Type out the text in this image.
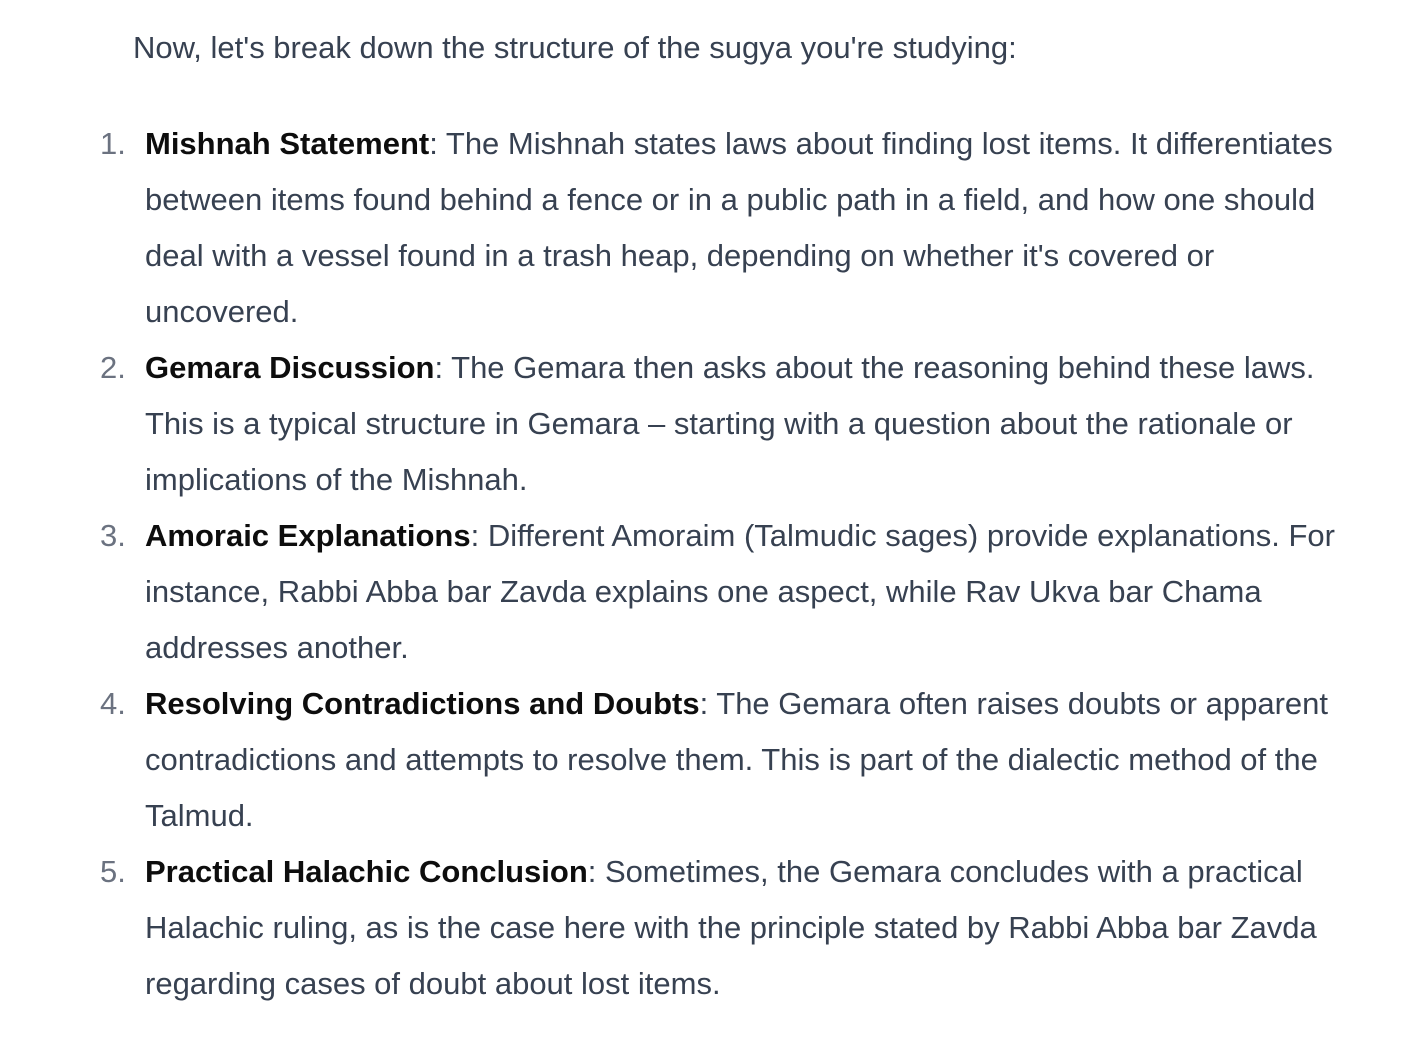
Now, let's break down the structure of the sugya you're studying:

1. Mishnah Statement: The Mishnah states laws about finding lost items. It differentiates between items found behind a fence or in a public path in a field, and how one should deal with a vessel found in a trash heap, depending on whether it's covered or uncovered.
2. Gemara Discussion: The Gemara then asks about the reasoning behind these laws. This is a typical structure in Gemara – starting with a question about the rationale or implications of the Mishnah.
3. Amoraic Explanations: Different Amoraim (Talmudic sages) provide explanations. For instance, Rabbi Abba bar Zavda explains one aspect, while Rav Ukva bar Chama addresses another.
4. Resolving Contradictions and Doubts: The Gemara often raises doubts or apparent contradictions and attempts to resolve them. This is part of the dialectic method of the Talmud.
5. Practical Halachic Conclusion: Sometimes, the Gemara concludes with a practical Halachic ruling, as is the case here with the principle stated by Rabbi Abba bar Zavda regarding cases of doubt about lost items.
